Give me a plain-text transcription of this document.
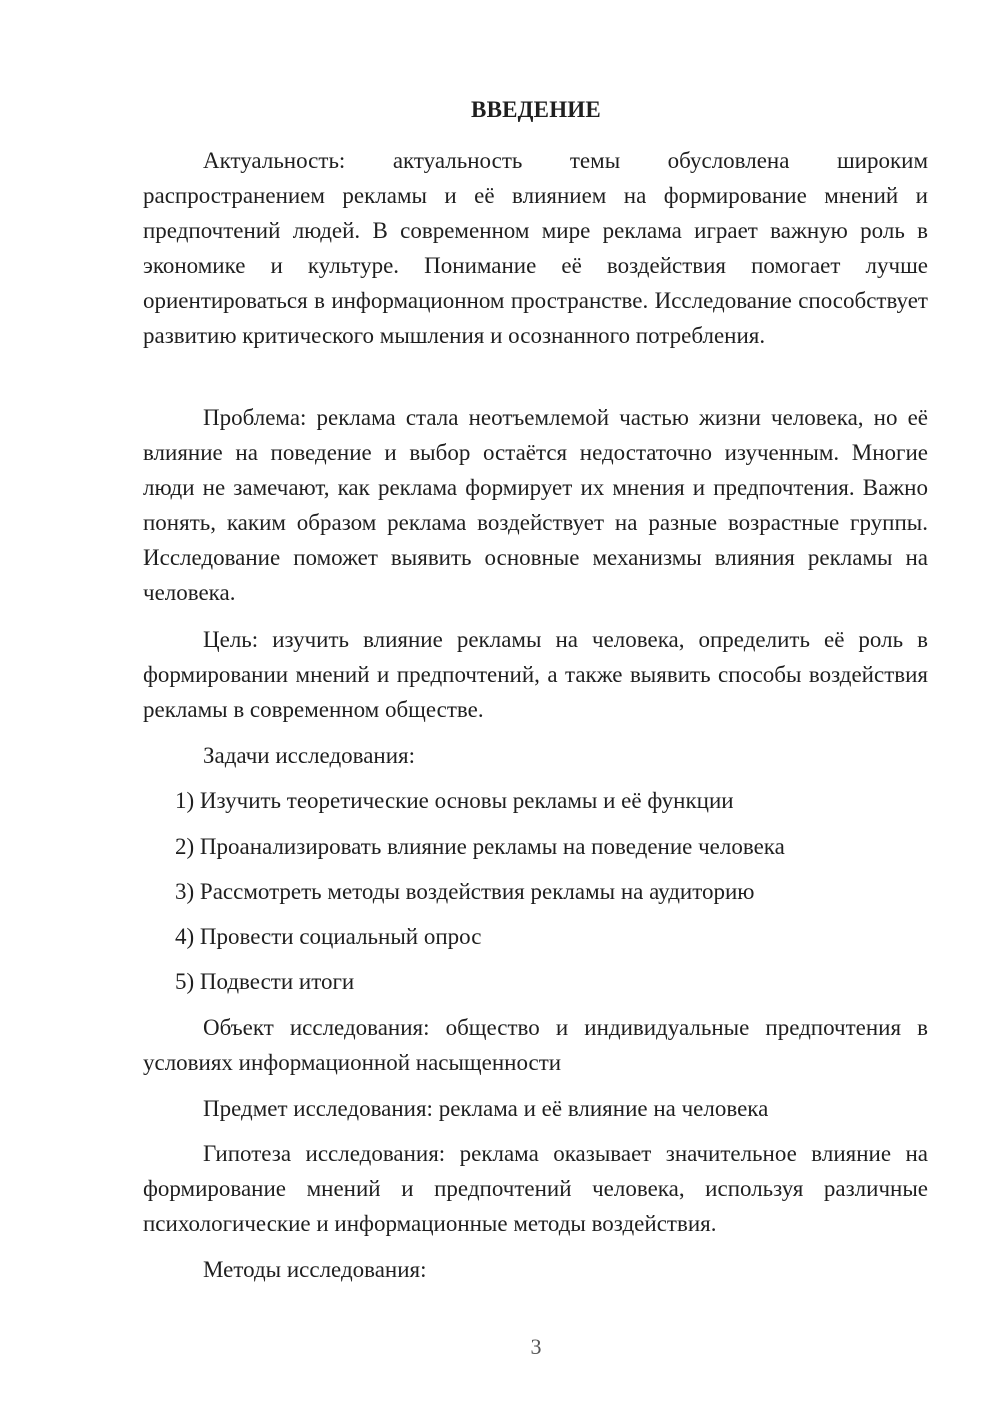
ВВЕДЕНИЕ

Актуальность: актуальность темы обусловлена широким распространением рекламы и её влиянием на формирование мнений и предпочтений людей. В современном мире реклама играет важную роль в экономике и культуре. Понимание её воздействия помогает лучше ориентироваться в информационном пространстве. Исследование способствует развитию критического мышления и осознанного потребления.

Проблема: реклама стала неотъемлемой частью жизни человека, но её влияние на поведение и выбор остаётся недостаточно изученным. Многие люди не замечают, как реклама формирует их мнения и предпочтения. Важно понять, каким образом реклама воздействует на разные возрастные группы. Исследование поможет выявить основные механизмы влияния рекламы на человека.

Цель: изучить влияние рекламы на человека, определить её роль в формировании мнений и предпочтений, а также выявить способы воздействия рекламы в современном обществе.

Задачи исследования:

1) Изучить теоретические основы рекламы и её функции

2) Проанализировать влияние рекламы на поведение человека

3) Рассмотреть методы воздействия рекламы на аудиторию

4) Провести социальный опрос

5) Подвести итоги

Объект исследования: общество и индивидуальные предпочтения в условиях информационной насыщенности

Предмет исследования: реклама и её влияние на человека

Гипотеза исследования: реклама оказывает значительное влияние на формирование мнений и предпочтений человека, используя различные психологические и информационные методы воздействия.

Методы исследования:

3
